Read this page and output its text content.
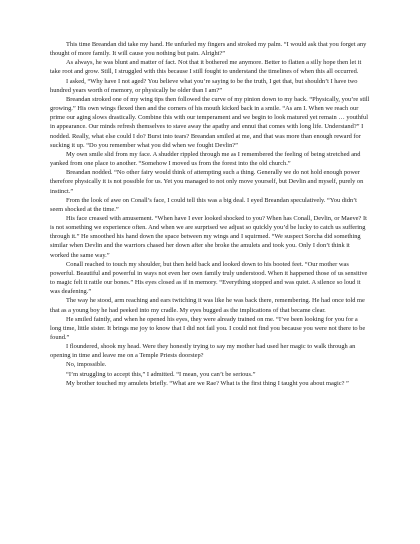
This time Breandan did take my hand. He unfurled my fingers and stroked my palm. “I would ask that you forget any thought of more family. It will cause you nothing but pain. Alright?”

As always, he was blunt and matter of fact. Not that it bothered me anymore. Better to flatten a silly hope then let it take root and grow. Still, I struggled with this because I still fought to understand the timelines of when this all occurred.

I asked, “Why have I not aged? You believe what you’re saying to be the truth, I get that, but shouldn’t I have two hundred years worth of memory, or physically be older than I am?”

Breandan stroked one of my wing tips then followed the curve of my pinion down to my back. “Physically, you’re still growing.” His own wings flexed then and the corners of his mouth kicked back in a smile. “As am I. When we reach our prime our aging slows drastically. Combine this with our temperament and we begin to look matured yet remain … youthful in appearance. Our minds refresh themselves to stave away the apathy and ennui that comes with long life. Understand?” I nodded. Really, what else could I do? Burst into tears? Breandan smiled at me, and that was more than enough reward for sucking it up. “Do you remember what you did when we fought Devlin?”

My own smile slid from my face. A shudder rippled through me as I remembered the feeling of being stretched and yanked from one place to another. “Somehow I moved us from the forest into the old church.”

Breandan nodded. “No other fairy would think of attempting such a thing. Generally we do not hold enough power therefore physically it is not possible for us. Yet you managed to not only move yourself, but Devlin and myself, purely on instinct.”

From the look of awe on Conall’s face, I could tell this was a big deal. I eyed Breandan speculatively. “You didn’t seem shocked at the time.”

His face creased with amusement. “When have I ever looked shocked to you? When has Conall, Devlin, or Maeve? It is not something we experience often. And when we are surprised we adjust so quickly you’d be lucky to catch us suffering through it.” He smoothed his hand down the space between my wings and I squirmed. “We suspect Sorcha did something similar when Devlin and the warriors chased her down after she broke the amulets and took you. Only I don’t think it worked the same way.”

Conall reached to touch my shoulder, but then held back and looked down to his booted feet. “Our mother was powerful. Beautiful and powerful in ways not even her own family truly understood. When it happened those of us sensitive to magic felt it rattle our bones.” His eyes closed as if in memory. “Everything stopped and was quiet. A silence so loud it was deafening.”

The way he stood, arm reaching and ears twitching it was like he was back there, remembering. He had once told me that as a young boy he had peeked into my cradle. My eyes bugged as the implications of that became clear.

He smiled faintly, and when he opened his eyes, they were already trained on me. “I’ve been looking for you for a long time, little sister. It brings me joy to know that I did not fail you. I could not find you because you were not there to be found.”

I floundered, shook my head. Were they honestly trying to say my mother had used her magic to walk through an opening in time and leave me on a Temple Priests doorstep?

No, impossible.

“I’m struggling to accept this,” I admitted. “I mean, you can’t be serious.”

My brother touched my amulets briefly. “What are we Rae? What is the first thing I taught you about magic? ”
